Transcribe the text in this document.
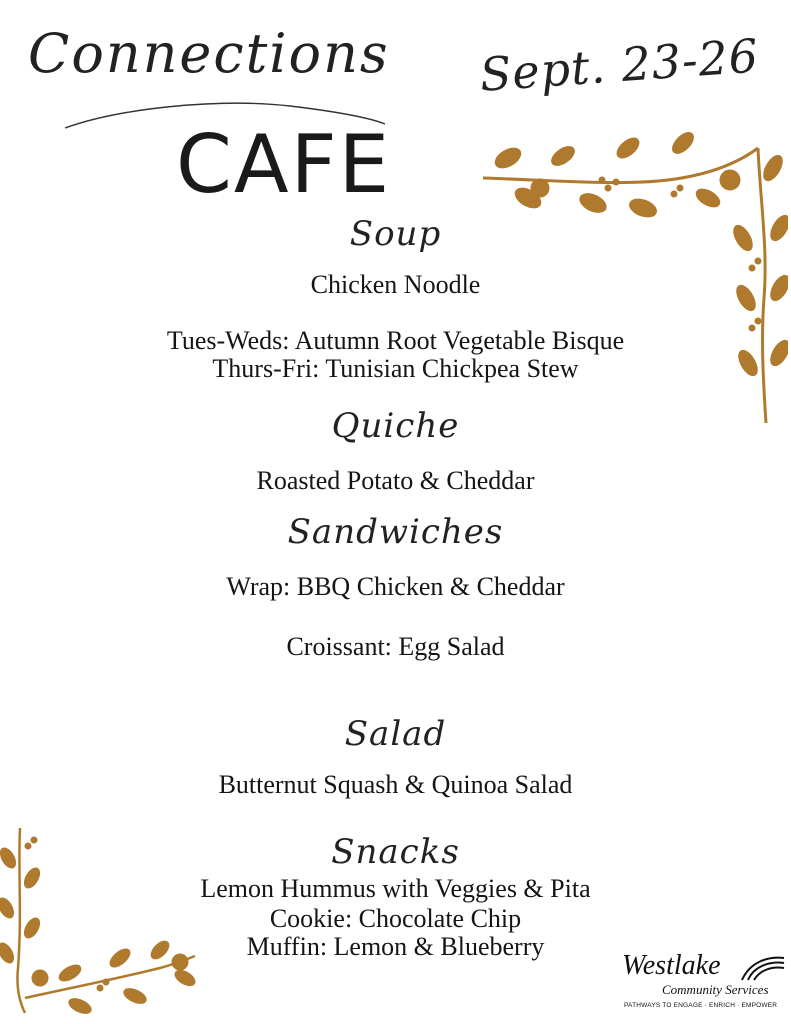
Connections
CAFE
Sept. 23-26
Soup
Chicken Noodle
Tues-Weds: Autumn Root Vegetable Bisque
Thurs-Fri: Tunisian Chickpea Stew
Quiche
Roasted Potato & Cheddar
Sandwiches
Wrap: BBQ Chicken & Cheddar
Croissant: Egg Salad
Salad
Butternut Squash & Quinoa Salad
Snacks
Lemon Hummus with Veggies & Pita
Cookie: Chocolate Chip
Muffin: Lemon & Blueberry
Westlake
Community Services
PATHWAYS TO ENGAGE · ENRICH · EMPOWER
